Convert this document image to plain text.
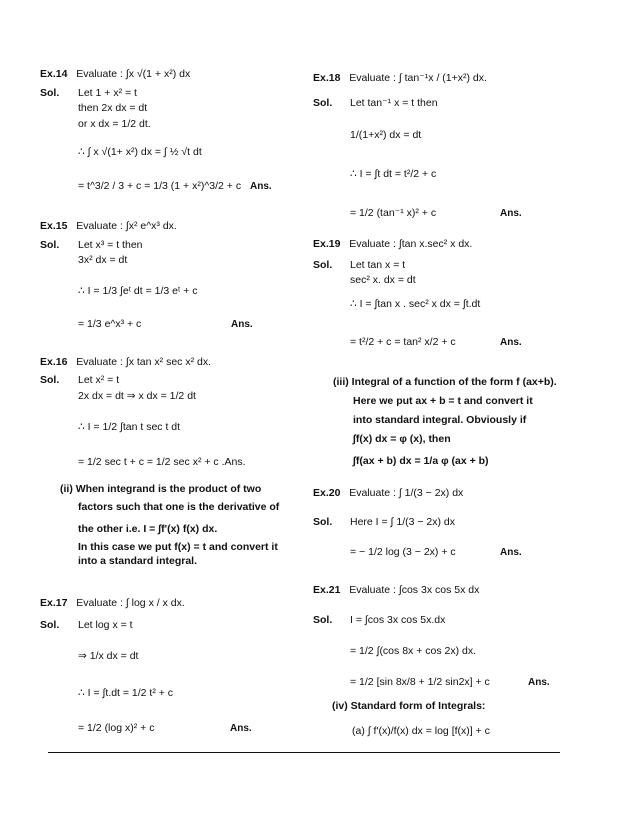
Ex.14 Evaluate : ∫x √(1 + x²) dx
Sol. Let 1 + x² = t
then 2x dx = dt
or x dx = 1/2 dt.
∴ ∫ x √(1+ x²) dx = ∫ ½ √t dt
= t^3/2 / 3 + c = 1/3 (1 + x²)^3/2 + c Ans.
Ex.15 Evaluate : ∫x² e^x³ dx.
Sol. Let x³ = t then
3x² dx = dt
∴ I = 1/3 ∫eᵗ dt = 1/3 eᵗ + c
= 1/3 e^x³ + c	Ans.
Ex.16 Evaluate : ∫x tan x² sec x² dx.
Sol. Let x² = t
2x dx = dt ⇒ x dx = 1/2 dt
∴ I = 1/2 ∫tan t sec t dt
= 1/2 sec t + c = 1/2 sec x² + c .Ans.
(ii) When integrand is the product of two
factors such that one is the derivative of
the other i.e. I = ∫f'(x) f(x) dx.
In this case we put f(x) = t and convert it
into a standard integral.
Ex.17 Evaluate : ∫ log x / x dx.
Sol. Let log x = t
⇒ 1/x dx = dt
∴ I = ∫t.dt = 1/2 t² + c
= 1/2 (log x)² + c	Ans.
Ex.18 Evaluate : ∫ tan⁻¹x / (1+x²) dx.
Sol. Let tan⁻¹ x = t then
1/(1+x²) dx = dt
∴ I = ∫t dt = t²/2 + c
= 1/2 (tan⁻¹ x)² + c	Ans.
Ex.19 Evaluate : ∫tan x.sec² x dx.
Sol. Let tan x = t
sec² x. dx = dt
∴ I = ∫tan x . sec² x dx = ∫t.dt
= t²/2 + c = tan² x/2 + c	Ans.
(iii) Integral of a function of the form f (ax+b).
Here we put ax + b = t and convert it
into standard integral. Obviously if
∫f(x) dx = φ (x), then
∫f(ax + b) dx = 1/a φ (ax + b)
Ex.20 Evaluate : ∫ 1/(3 − 2x) dx
Sol. Here I = ∫ 1/(3 − 2x) dx
= − 1/2 log (3 − 2x) + c	Ans.
Ex.21 Evaluate : ∫cos 3x cos 5x dx
Sol. I = ∫cos 3x cos 5x.dx
= 1/2 ∫(cos 8x + cos 2x) dx.
= 1/2 [sin 8x/8 + 1/2 sin2x] + c	Ans.
(iv) Standard form of Integrals:
(a) ∫ f'(x)/f(x) dx = log [f(x)] + c
